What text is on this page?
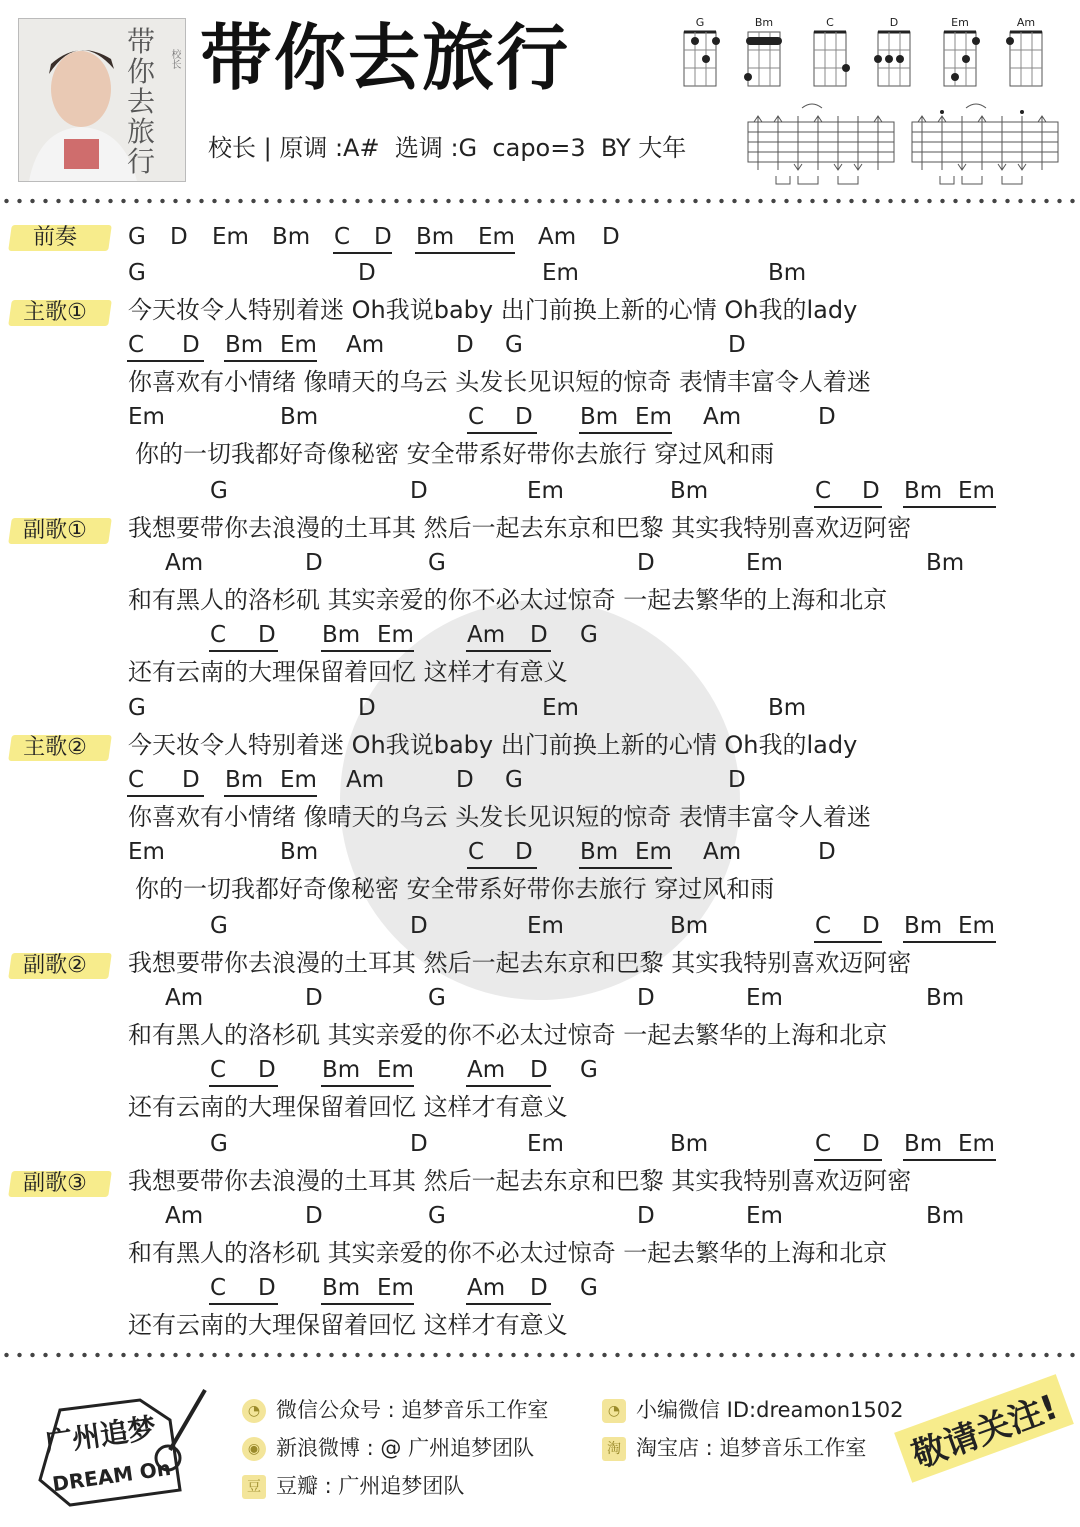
带你去旅行
校长 带你去旅行
校长 | 原调 :A#  选调 :G  capo=3  BY 大年
G	Bm	C	D	Em	Am
前奏	G D Em Bm C D Bm Em Am D
G	D	Em	Bm
主歌①	今天妆令人特别着迷 Oh我说baby 出门前换上新的心情 Oh我的lady
C D Bm Em Am	D G	D
你喜欢有小情绪 像晴天的乌云 头发长见识短的惊奇 表情丰富令人着迷
Em	Bm	C D Bm Em Am	D
你的一切我都好奇像秘密 安全带系好带你去旅行 穿过风和雨
G	D	Em	Bm	C D Bm Em
副歌①	我想要带你去浪漫的土耳其 然后一起去东京和巴黎 其实我特别喜欢迈阿密
Am	D	G	D	Em	Bm
和有黑人的洛杉矶 其实亲爱的你不必太过惊奇 一起去繁华的上海和北京
C D Bm Em Am D G
还有云南的大理保留着回忆 这样才有意义
G	D	Em	Bm
主歌②	今天妆令人特别着迷 Oh我说baby 出门前换上新的心情 Oh我的lady
C D Bm Em Am	D G	D
你喜欢有小情绪 像晴天的乌云 头发长见识短的惊奇 表情丰富令人着迷
Em	Bm	C D Bm Em Am	D
你的一切我都好奇像秘密 安全带系好带你去旅行 穿过风和雨
G	D	Em	Bm	C D Bm Em
副歌②	我想要带你去浪漫的土耳其 然后一起去东京和巴黎 其实我特别喜欢迈阿密
Am	D	G	D	Em	Bm
和有黑人的洛杉矶 其实亲爱的你不必太过惊奇 一起去繁华的上海和北京
C D Bm Em Am D G
还有云南的大理保留着回忆 这样才有意义
G	D	Em	Bm	C D Bm Em
副歌③	我想要带你去浪漫的土耳其 然后一起去东京和巴黎 其实我特别喜欢迈阿密
Am	D	G	D	Em	Bm
和有黑人的洛杉矶 其实亲爱的你不必太过惊奇 一起去繁华的上海和北京
C D Bm Em Am D G
还有云南的大理保留着回忆 这样才有意义
广州追梦
DREAM On
◔ 微信公众号 : 追梦音乐工作室
◉ 新浪微博 : @ 广州追梦团队
豆 豆瓣 : 广州追梦团队
◔ 小编微信 ID:dreamon1502
淘 淘宝店 : 追梦音乐工作室	敬请关注!
